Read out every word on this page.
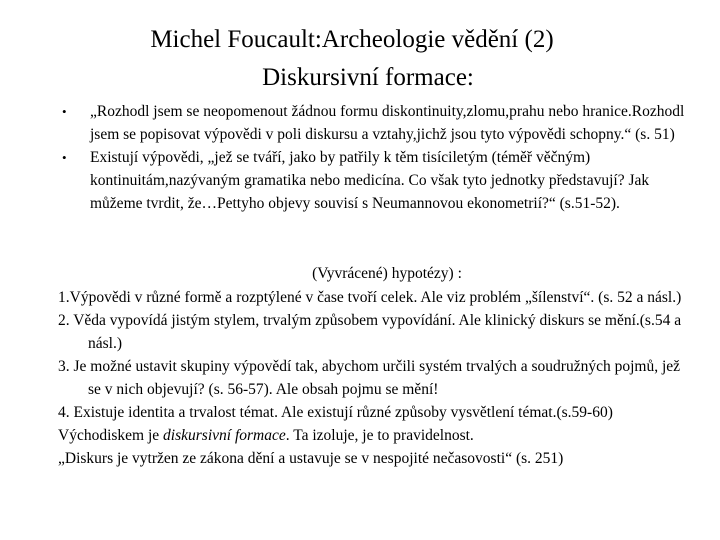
Michel Foucault:Archeologie vědění (2)
Diskursivní formace:
• „Rozhodl jsem se neopomenout žádnou formu diskontinuity,zlomu,prahu nebo hranice.Rozhodl jsem se popisovat výpovědi v poli diskursu a vztahy,jichž jsou tyto výpovědi schopny.“ (s. 51)
• Existují výpovědi, „jež se tváří, jako by patřily k těm tisíciletým (téměř věčným) kontinuitám,nazývaným gramatika nebo medicína. Co však tyto jednotky představují? Jak můžeme tvrdit, že…Pettyho objevy souvisí s Neumannovou ekonometrií?“ (s.51-52).
(Vyvrácené) hypotézy) :
1.Výpovědi v různé formě a rozptýlené v čase tvoří celek. Ale viz problém „šílenství“. (s. 52 a násl.)
2. Věda vypovídá jistým stylem, trvalým způsobem vypovídání. Ale klinický diskurs se mění.(s.54 a násl.)
3. Je možné ustavit skupiny výpovědí tak, abychom určili systém trvalých a soudružných pojmů, jež se v nich objevují? (s. 56-57). Ale obsah pojmu se mění!
4. Existuje identita a trvalost témat. Ale existují různé způsoby vysvětlení témat.(s.59-60)
Východiskem je diskursivní formace. Ta izoluje, je to pravidelnost.
„Diskurs je vytržen ze zákona dění a ustavuje se v nespojité nečasovosti“ (s. 251)
